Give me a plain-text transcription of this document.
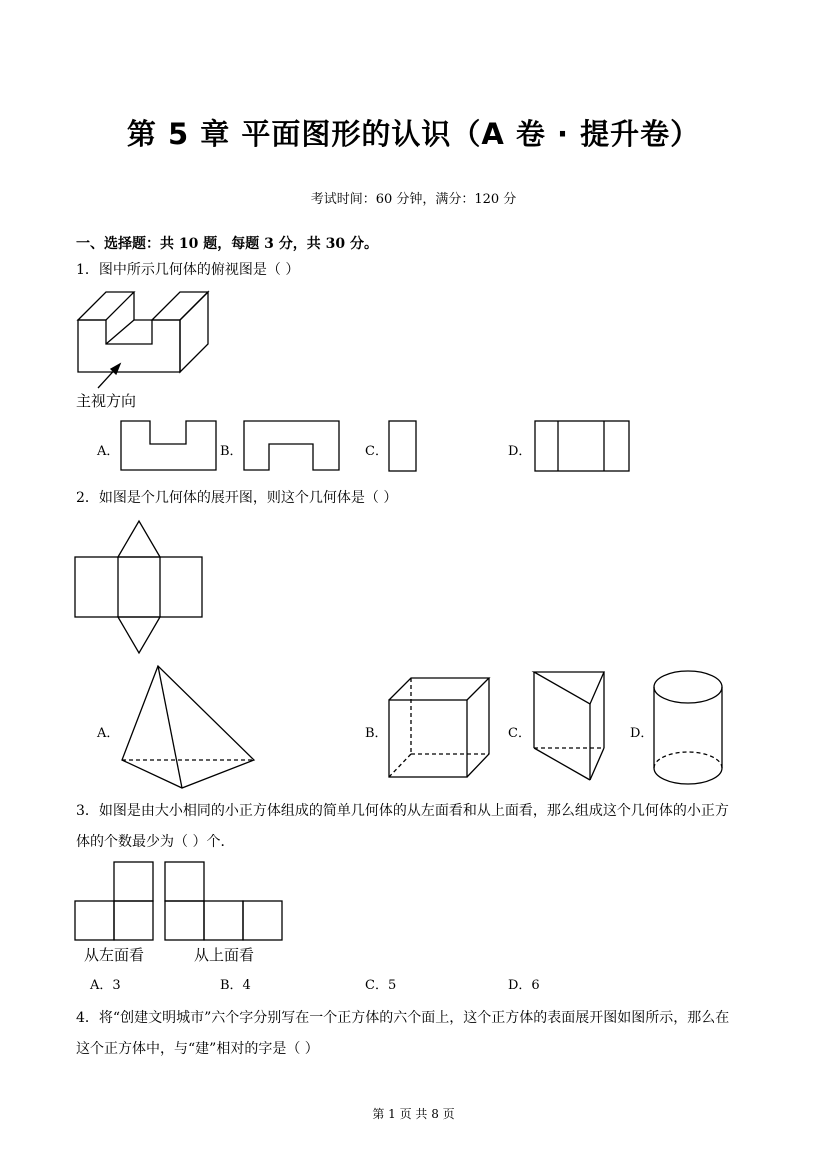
第 5 章 平面图形的认识（A 卷 · 提升卷）
考试时间：60 分钟，满分：120 分
一、选择题：共 10 题，每题 3 分，共 30 分。
1．图中所示几何体的俯视图是（ ）
主视方向
A．	B．	C．	D．
2．如图是个几何体的展开图，则这个几何体是（ ）
A．	B．	C．	D．
3．如图是由大小相同的小正方体组成的简单几何体的从左面看和从上面看，那么组成这个几何体的小正方
体的个数最少为（ ）个．
从左面看	从上面看
A．3	B．4	C．5	D．6
4．将“创建文明城市”六个字分别写在一个正方体的六个面上，这个正方体的表面展开图如图所示，那么在
这个正方体中，与“建”相对的字是（ ）
第 1 页 共 8 页
